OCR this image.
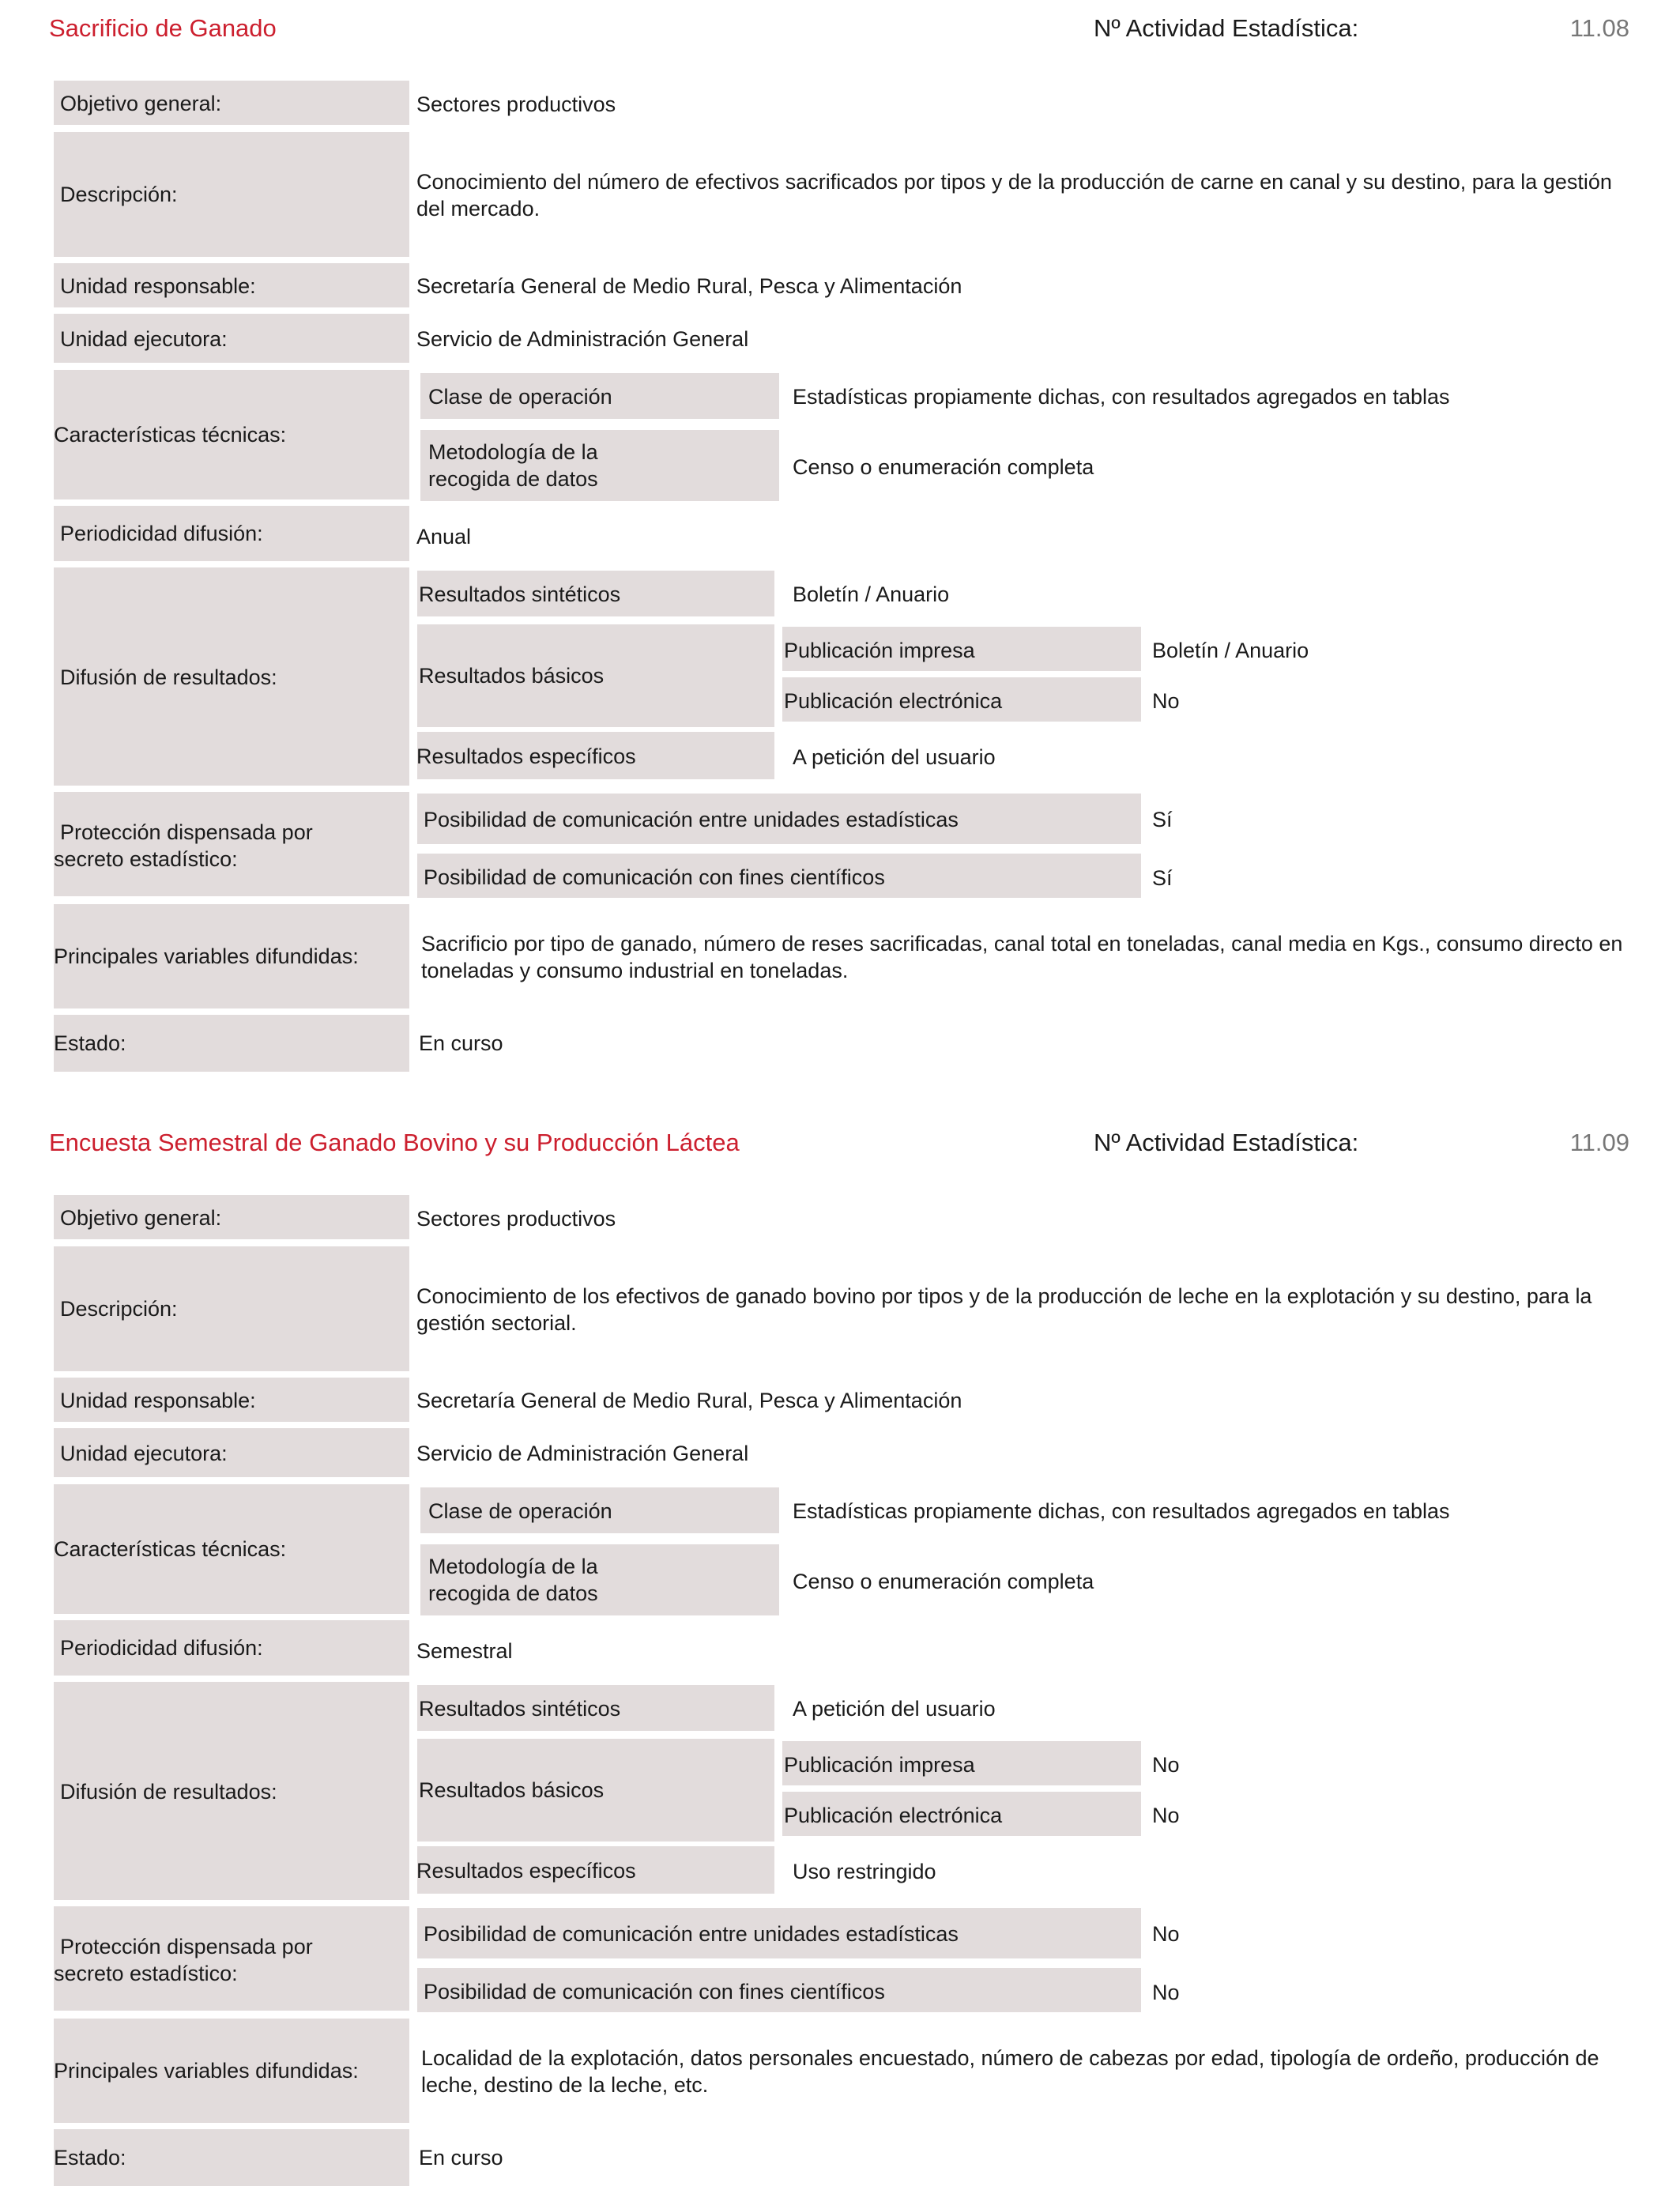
Sacrificio de Ganado	Nº Actividad Estadística:	11.08
Objetivo general:	Sectores productivos
Descripción:
Conocimiento del número de efectivos sacrificados por tipos y de la producción de carne en canal y su destino, para la gestión del mercado.
Unidad responsable:	Secretaría General de Medio Rural, Pesca y Alimentación
Unidad ejecutora:	Servicio de Administración General
Características técnicas:
Clase de operación	Estadísticas propiamente dichas, con resultados agregados en tablas
Metodología de la recogida de datos	Censo o enumeración completa
Periodicidad difusión:	Anual
Difusión de resultados:
Resultados sintéticos	Boletín / Anuario
Resultados básicos
Publicación impresa	Boletín / Anuario
Publicación electrónica	No
Resultados específicos	A petición del usuario
Protección dispensada por secreto estadístico:
Posibilidad de comunicación entre unidades estadísticas	Sí
Posibilidad de comunicación con fines científicos	Sí
Principales variables difundidas:
Sacrificio por tipo de ganado, número de reses sacrificadas, canal total en toneladas, canal media en Kgs., consumo directo en toneladas y consumo industrial en toneladas.
Estado:	En curso
Encuesta Semestral de Ganado Bovino y su Producción Láctea	Nº Actividad Estadística:	11.09
Objetivo general:	Sectores productivos
Descripción:
Conocimiento de los efectivos de ganado bovino por tipos y de la producción de leche en la explotación y su destino, para la gestión sectorial.
Unidad responsable:	Secretaría General de Medio Rural, Pesca y Alimentación
Unidad ejecutora:	Servicio de Administración General
Características técnicas:
Clase de operación	Estadísticas propiamente dichas, con resultados agregados en tablas
Metodología de la recogida de datos	Censo o enumeración completa
Periodicidad difusión:	Semestral
Difusión de resultados:
Resultados sintéticos	A petición del usuario
Resultados básicos
Publicación impresa	No
Publicación electrónica	No
Resultados específicos	Uso restringido
Protección dispensada por secreto estadístico:
Posibilidad de comunicación entre unidades estadísticas	No
Posibilidad de comunicación con fines científicos	No
Principales variables difundidas:
Localidad de la explotación, datos personales encuestado, número de cabezas por edad, tipología de ordeño, producción de leche, destino de la leche, etc.
Estado:	En curso
